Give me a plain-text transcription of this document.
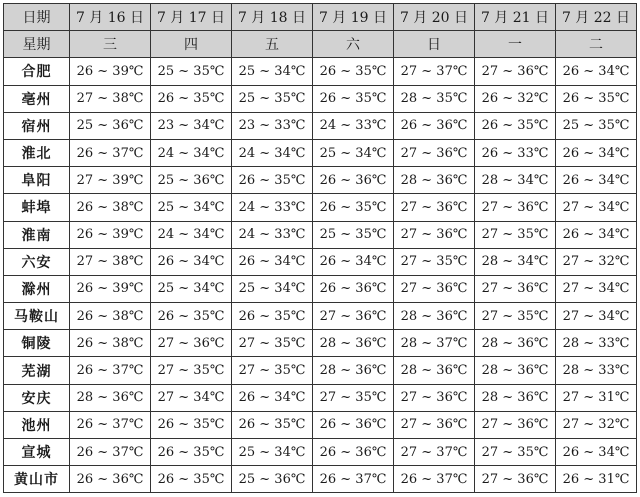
日期	7 月 16 日	7 月 17 日	7 月 18 日	7 月 19 日	7 月 20 日	7 月 21 日	7 月 22 日
星期	三	四	五	六	日	一	二
合肥	26 ~ 39℃	25 ~ 35℃	25 ~ 34℃	26 ~ 35℃	27 ~ 37℃	27 ~ 36℃	26 ~ 34℃
亳州	27 ~ 38℃	26 ~ 35℃	25 ~ 35℃	26 ~ 35℃	28 ~ 35℃	26 ~ 32℃	26 ~ 35℃
宿州	25 ~ 36℃	23 ~ 34℃	23 ~ 33℃	24 ~ 33℃	26 ~ 36℃	26 ~ 35℃	25 ~ 35℃
淮北	26 ~ 37℃	24 ~ 34℃	24 ~ 34℃	25 ~ 34℃	27 ~ 36℃	26 ~ 33℃	26 ~ 34℃
阜阳	27 ~ 39℃	25 ~ 36℃	26 ~ 35℃	26 ~ 36℃	28 ~ 36℃	28 ~ 34℃	26 ~ 34℃
蚌埠	26 ~ 38℃	25 ~ 34℃	24 ~ 33℃	26 ~ 35℃	27 ~ 36℃	27 ~ 36℃	27 ~ 34℃
淮南	26 ~ 39℃	24 ~ 34℃	24 ~ 33℃	25 ~ 35℃	27 ~ 36℃	27 ~ 35℃	26 ~ 34℃
六安	27 ~ 38℃	26 ~ 34℃	26 ~ 34℃	26 ~ 34℃	27 ~ 35℃	28 ~ 34℃	27 ~ 32℃
滁州	26 ~ 39℃	25 ~ 34℃	25 ~ 34℃	26 ~ 36℃	27 ~ 36℃	27 ~ 36℃	27 ~ 34℃
马鞍山	26 ~ 38℃	26 ~ 35℃	26 ~ 35℃	27 ~ 36℃	28 ~ 36℃	27 ~ 35℃	27 ~ 34℃
铜陵	26 ~ 38℃	27 ~ 36℃	27 ~ 35℃	28 ~ 36℃	28 ~ 37℃	28 ~ 36℃	28 ~ 33℃
芜湖	26 ~ 37℃	27 ~ 35℃	27 ~ 35℃	28 ~ 36℃	28 ~ 36℃	28 ~ 36℃	28 ~ 33℃
安庆	28 ~ 36℃	27 ~ 34℃	26 ~ 34℃	27 ~ 35℃	27 ~ 36℃	28 ~ 36℃	27 ~ 31℃
池州	26 ~ 37℃	26 ~ 35℃	26 ~ 35℃	26 ~ 36℃	27 ~ 36℃	27 ~ 36℃	27 ~ 32℃
宣城	26 ~ 37℃	26 ~ 35℃	25 ~ 34℃	26 ~ 36℃	27 ~ 37℃	27 ~ 35℃	26 ~ 34℃
黄山市	26 ~ 36℃	26 ~ 35℃	25 ~ 36℃	26 ~ 37℃	26 ~ 37℃	27 ~ 36℃	26 ~ 31℃
